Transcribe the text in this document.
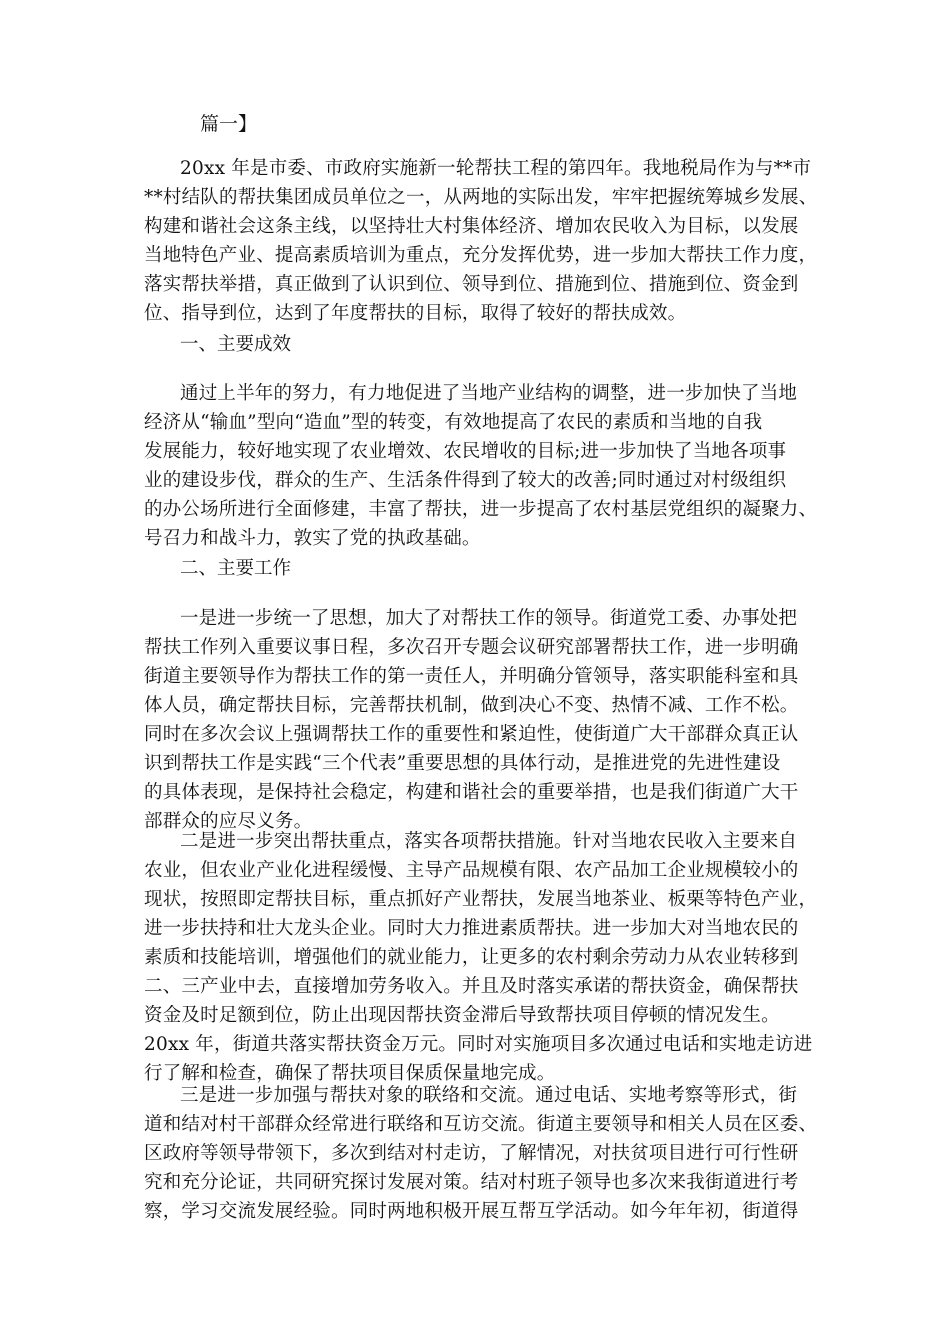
篇一】
20xx 年是市委、市政府实施新一轮帮扶工程的第四年。我地税局作为与**市
**村结队的帮扶集团成员单位之一，从两地的实际出发，牢牢把握统筹城乡发展、
构建和谐社会这条主线，以坚持壮大村集体经济、增加农民收入为目标，以发展
当地特色产业、提高素质培训为重点，充分发挥优势，进一步加大帮扶工作力度，
落实帮扶举措，真正做到了认识到位、领导到位、措施到位、措施到位、资金到
位、指导到位，达到了年度帮扶的目标，取得了较好的帮扶成效。
一、主要成效
通过上半年的努力，有力地促进了当地产业结构的调整，进一步加快了当地
经济从“输血”型向“造血”型的转变，有效地提高了农民的素质和当地的自我
发展能力，较好地实现了农业增效、农民增收的目标;进一步加快了当地各项事
业的建设步伐，群众的生产、生活条件得到了较大的改善;同时通过对村级组织
的办公场所进行全面修建，丰富了帮扶，进一步提高了农村基层党组织的凝聚力、
号召力和战斗力，敦实了党的执政基础。
二、主要工作
一是进一步统一了思想，加大了对帮扶工作的领导。街道党工委、办事处把
帮扶工作列入重要议事日程，多次召开专题会议研究部署帮扶工作，进一步明确
街道主要领导作为帮扶工作的第一责任人，并明确分管领导，落实职能科室和具
体人员，确定帮扶目标，完善帮扶机制，做到决心不变、热情不减、工作不松。
同时在多次会议上强调帮扶工作的重要性和紧迫性，使街道广大干部群众真正认
识到帮扶工作是实践“三个代表”重要思想的具体行动，是推进党的先进性建设
的具体表现，是保持社会稳定，构建和谐社会的重要举措，也是我们街道广大干
部群众的应尽义务。
二是进一步突出帮扶重点，落实各项帮扶措施。针对当地农民收入主要来自
农业，但农业产业化进程缓慢、主导产品规模有限、农产品加工企业规模较小的
现状，按照即定帮扶目标，重点抓好产业帮扶，发展当地茶业、板栗等特色产业，
进一步扶持和壮大龙头企业。同时大力推进素质帮扶。进一步加大对当地农民的
素质和技能培训，增强他们的就业能力，让更多的农村剩余劳动力从农业转移到
二、三产业中去，直接增加劳务收入。并且及时落实承诺的帮扶资金，确保帮扶
资金及时足额到位，防止出现因帮扶资金滞后导致帮扶项目停顿的情况发生。
20xx 年，街道共落实帮扶资金万元。同时对实施项目多次通过电话和实地走访进
行了解和检查，确保了帮扶项目保质保量地完成。
三是进一步加强与帮扶对象的联络和交流。通过电话、实地考察等形式，街
道和结对村干部群众经常进行联络和互访交流。街道主要领导和相关人员在区委、
区政府等领导带领下，多次到结对村走访，了解情况，对扶贫项目进行可行性研
究和充分论证，共同研究探讨发展对策。结对村班子领导也多次来我街道进行考
察，学习交流发展经验。同时两地积极开展互帮互学活动。如今年年初，街道得
